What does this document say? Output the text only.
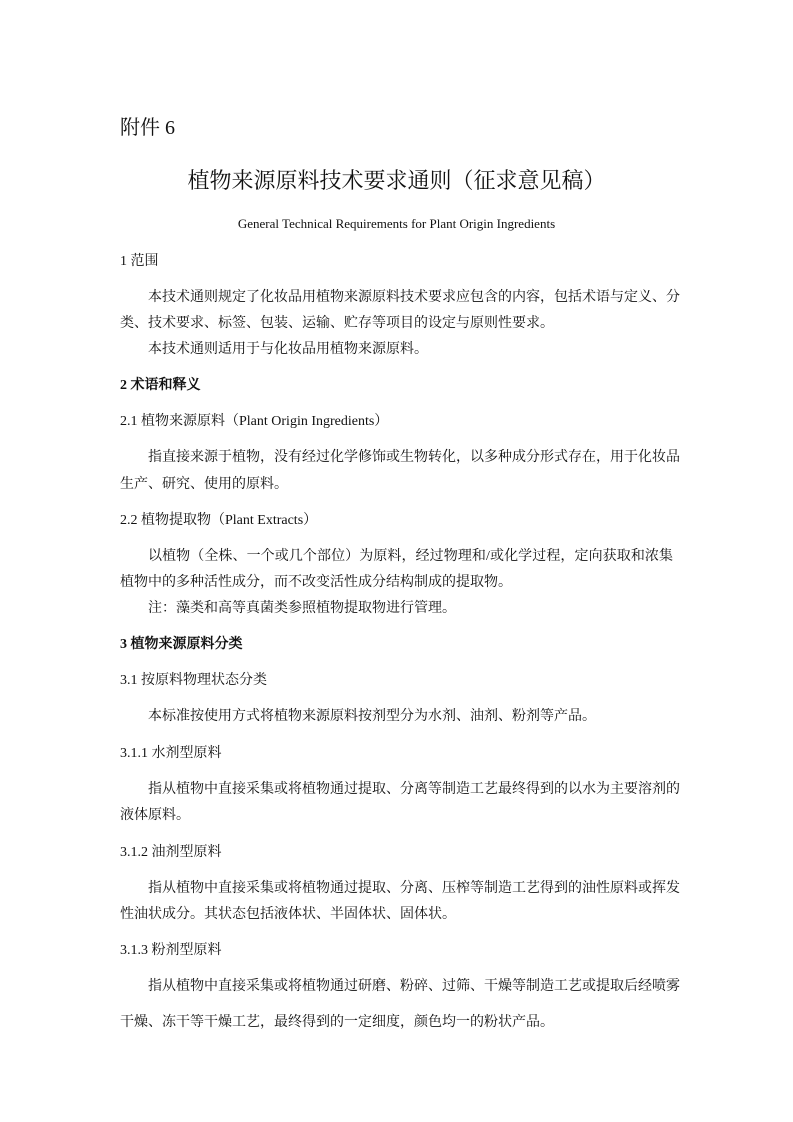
附件 6
植物来源原料技术要求通则（征求意见稿）
General Technical Requirements for Plant Origin Ingredients
1 范围
本技术通则规定了化妆品用植物来源原料技术要求应包含的内容，包括术语与定义、分
类、技术要求、标签、包装、运输、贮存等项目的设定与原则性要求。
本技术通则适用于与化妆品用植物来源原料。
2 术语和释义
2.1 植物来源原料（Plant Origin Ingredients）
指直接来源于植物，没有经过化学修饰或生物转化，以多种成分形式存在，用于化妆品
生产、研究、使用的原料。
2.2 植物提取物（Plant Extracts）
以植物（全株、一个或几个部位）为原料，经过物理和/或化学过程，定向获取和浓集
植物中的多种活性成分，而不改变活性成分结构制成的提取物。
注：藻类和高等真菌类参照植物提取物进行管理。
3 植物来源原料分类
3.1 按原料物理状态分类
本标准按使用方式将植物来源原料按剂型分为水剂、油剂、粉剂等产品。
3.1.1 水剂型原料
指从植物中直接采集或将植物通过提取、分离等制造工艺最终得到的以水为主要溶剂的
液体原料。
3.1.2 油剂型原料
指从植物中直接采集或将植物通过提取、分离、压榨等制造工艺得到的油性原料或挥发
性油状成分。其状态包括液体状、半固体状、固体状。
3.1.3 粉剂型原料
指从植物中直接采集或将植物通过研磨、粉碎、过筛、干燥等制造工艺或提取后经喷雾
干燥、冻干等干燥工艺，最终得到的一定细度，颜色均一的粉状产品。
